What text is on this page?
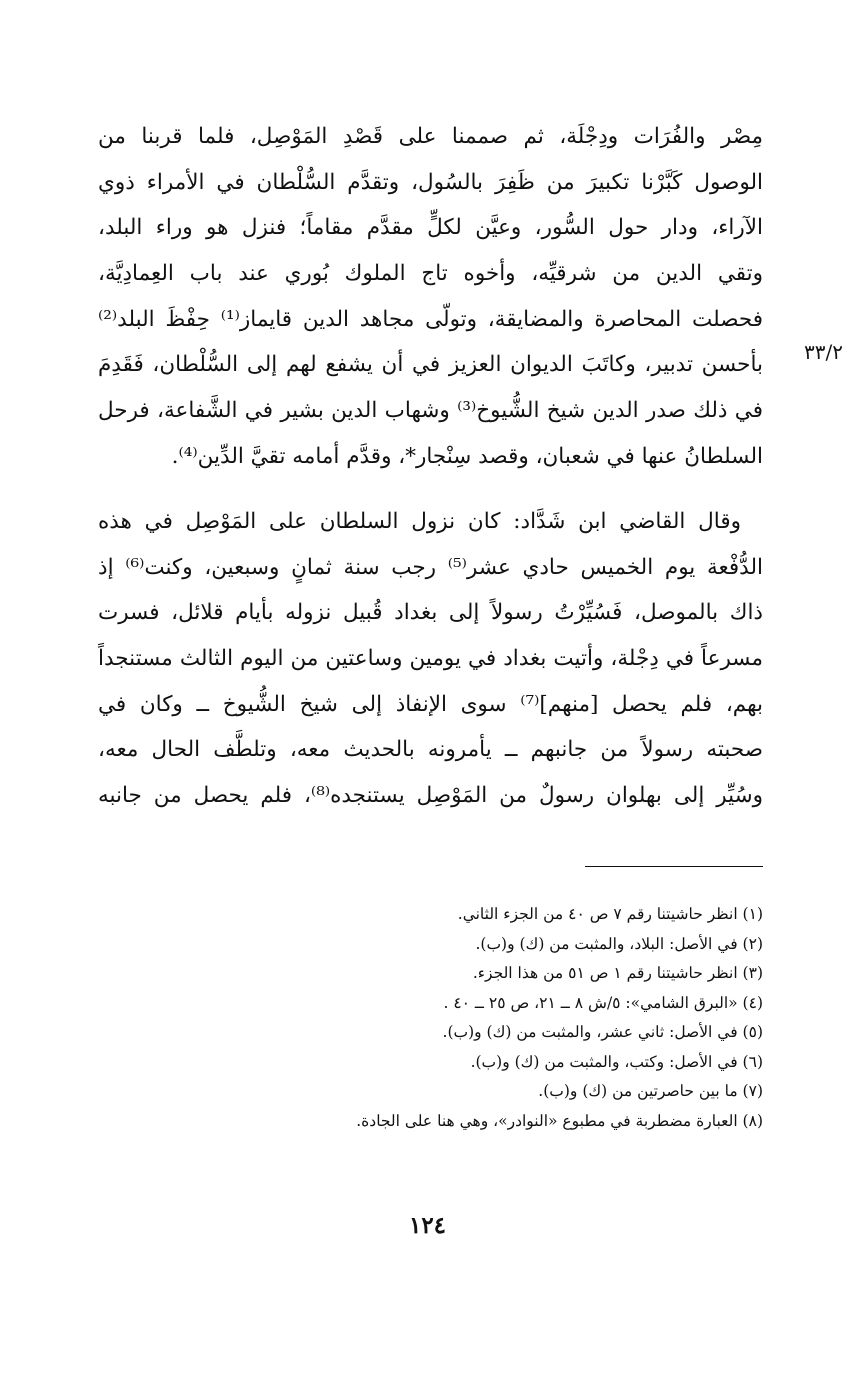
مِصْر والفُرَات ودِجْلَة، ثم صممنا على قَصْدِ المَوْصِل، فلما قربنا من
الوصول كَبَّرْنا تكبيرَ من ظَفِرَ بالسُول، وتقدَّم السُّلْطان في الأمراء ذوي
الآراء، ودار حول السُّور، وعيَّن لكلٍّ مقدَّم مقاماً؛ فنزل هو وراء البلد،
وتقي الدين من شرقيِّه، وأخوه تاج الملوك بُوري عند باب العِمادِيَّة،
فحصلت المحاصرة والمضايقة، وتولّى مجاهد الدين قايماز⁽¹⁾ حِفْظَ البلد⁽²⁾
بأحسن تدبير، وكاتَبَ الديوان العزيز في أن يشفع لهم إلى السُّلْطان، فَقَدِمَ
في ذلك صدر الدين شيخ الشُّيوخ⁽³⁾ وشهاب الدين بشير في الشَّفاعة، فرحل
السلطانُ عنها في شعبان، وقصد سِنْجار*، وقدَّم أمامه تقيَّ الدِّين⁽⁴⁾.
٣٣/٢
وقال القاضي ابن شَدَّاد: كان نزول السلطان على المَوْصِل في هذه
الدُّفْعة يوم الخميس حادي عشر⁽⁵⁾ رجب سنة ثمانٍ وسبعين، وكنت⁽⁶⁾ إذ
ذاك بالموصل، فَسُيِّرْتُ رسولاً إلى بغداد قُبيل نزوله بأيام قلائل، فسرت
مسرعاً في دِجْلة، وأتيت بغداد في يومين وساعتين من اليوم الثالث مستنجداً
بهم، فلم يحصل [منهم]⁽⁷⁾ سوى الإنفاذ إلى شيخ الشُّيوخ ــ وكان في
صحبته رسولاً من جانبهم ــ يأمرونه بالحديث معه، وتلطَّف الحال معه،
وسُيِّر إلى بهلوان رسولٌ من المَوْصِل يستنجده⁽⁸⁾، فلم يحصل من جانبه
(١) انظر حاشيتنا رقم ٧ ص ٤٠ من الجزء الثاني.
(٢) في الأصل: البلاد، والمثبت من (ك) و(ب).
(٣) انظر حاشيتنا رقم ١ ص ٥١ من هذا الجزء.
(٤) «البرق الشامي»: ٥/ش ٨ ــ ٢١، ص ٢٥ ــ ٤٠ .
(٥) في الأصل: ثاني عشر، والمثبت من (ك) و(ب).
(٦) في الأصل: وكتب، والمثبت من (ك) و(ب).
(٧) ما بين حاصرتين من (ك) و(ب).
(٨) العبارة مضطربة في مطبوع «النوادر»، وهي هنا على الجادة.
١٢٤
